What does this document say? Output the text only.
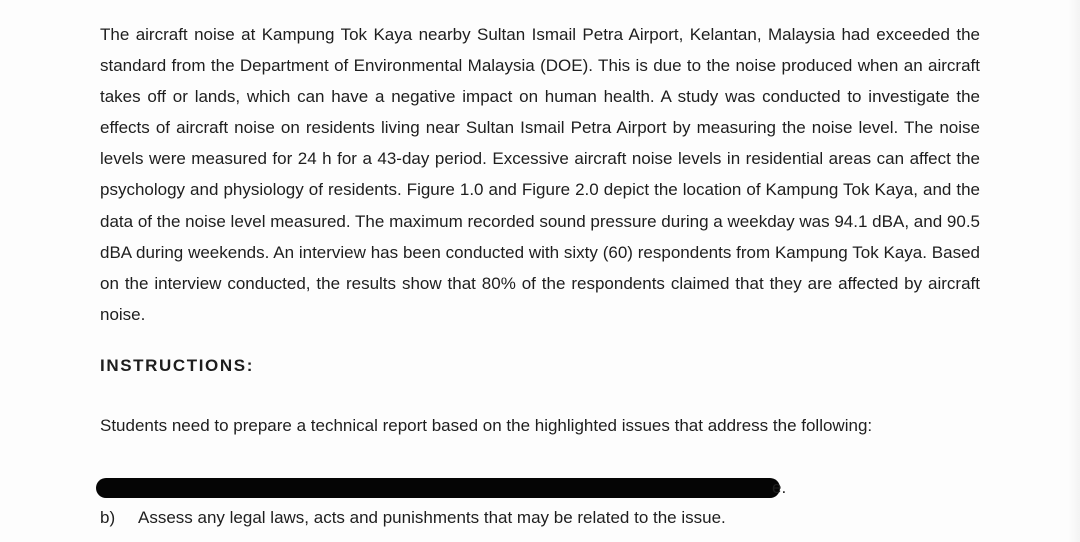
The aircraft noise at Kampung Tok Kaya nearby Sultan Ismail Petra Airport, Kelantan, Malaysia had exceeded the standard from the Department of Environmental Malaysia (DOE). This is due to the noise produced when an aircraft takes off or lands, which can have a negative impact on human health. A study was conducted to investigate the effects of aircraft noise on residents living near Sultan Ismail Petra Airport by measuring the noise level. The noise levels were measured for 24 h for a 43-day period. Excessive aircraft noise levels in residential areas can affect the psychology and physiology of residents. Figure 1.0 and Figure 2.0 depict the location of Kampung Tok Kaya, and the data of the noise level measured. The maximum recorded sound pressure during a weekday was 94.1 dBA, and 90.5 dBA during weekends. An interview has been conducted with sixty (60) respondents from Kampung Tok Kaya. Based on the interview conducted, the results show that 80% of the respondents claimed that they are affected by aircraft noise.

INSTRUCTIONS:

Students need to prepare a technical report based on the highlighted issues that address the following:

e.
b) Assess any legal laws, acts and punishments that may be related to the issue.
